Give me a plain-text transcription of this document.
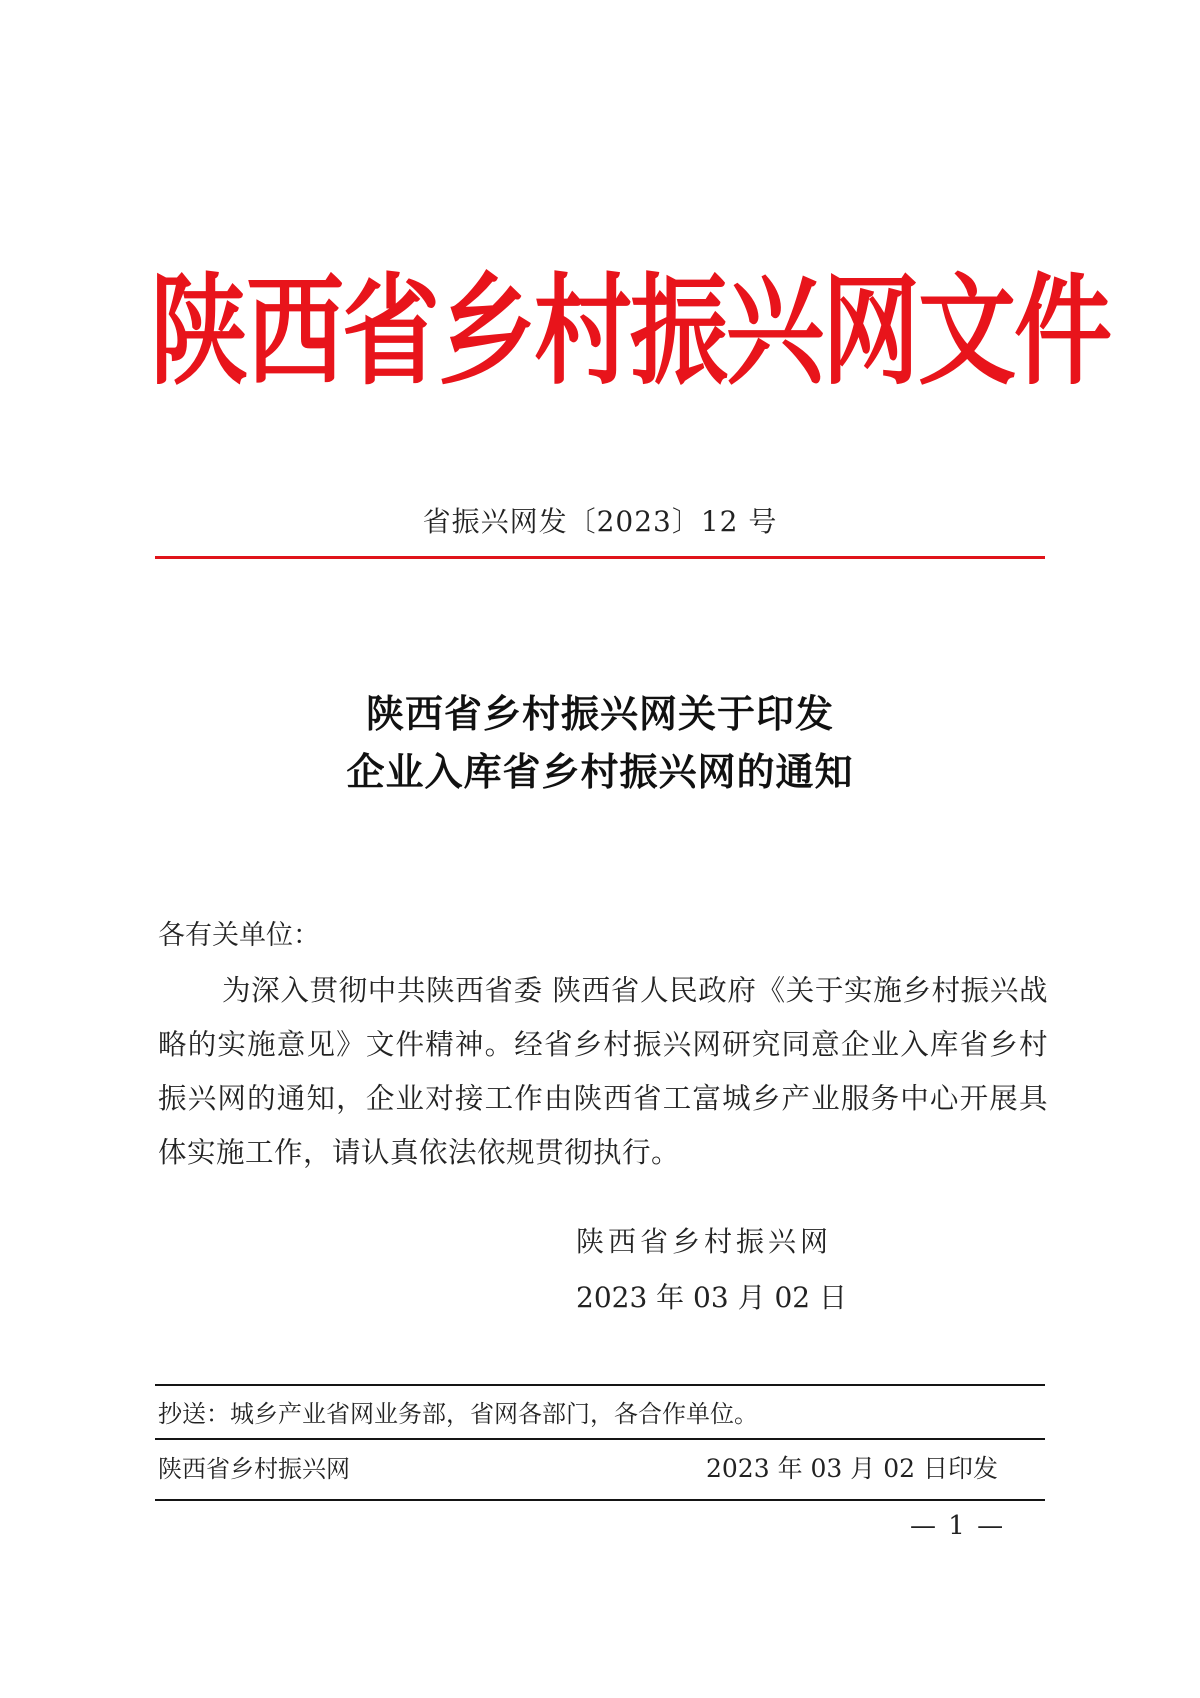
陕西省乡村振兴网文件
省振兴网发〔2023〕12 号
陕西省乡村振兴网关于印发
企业入库省乡村振兴网的通知
各有关单位：
为深入贯彻中共陕西省委 陕西省人民政府《关于实施乡村振兴战略的实施意见》文件精神。经省乡村振兴网研究同意企业入库省乡村振兴网的通知，企业对接工作由陕西省工富城乡产业服务中心开展具体实施工作，请认真依法依规贯彻执行。
陕西省乡村振兴网
2023 年 03 月 02 日
抄送：城乡产业省网业务部，省网各部门，各合作单位。
陕西省乡村振兴网	2023 年 03 月 02 日印发
— 1 —
